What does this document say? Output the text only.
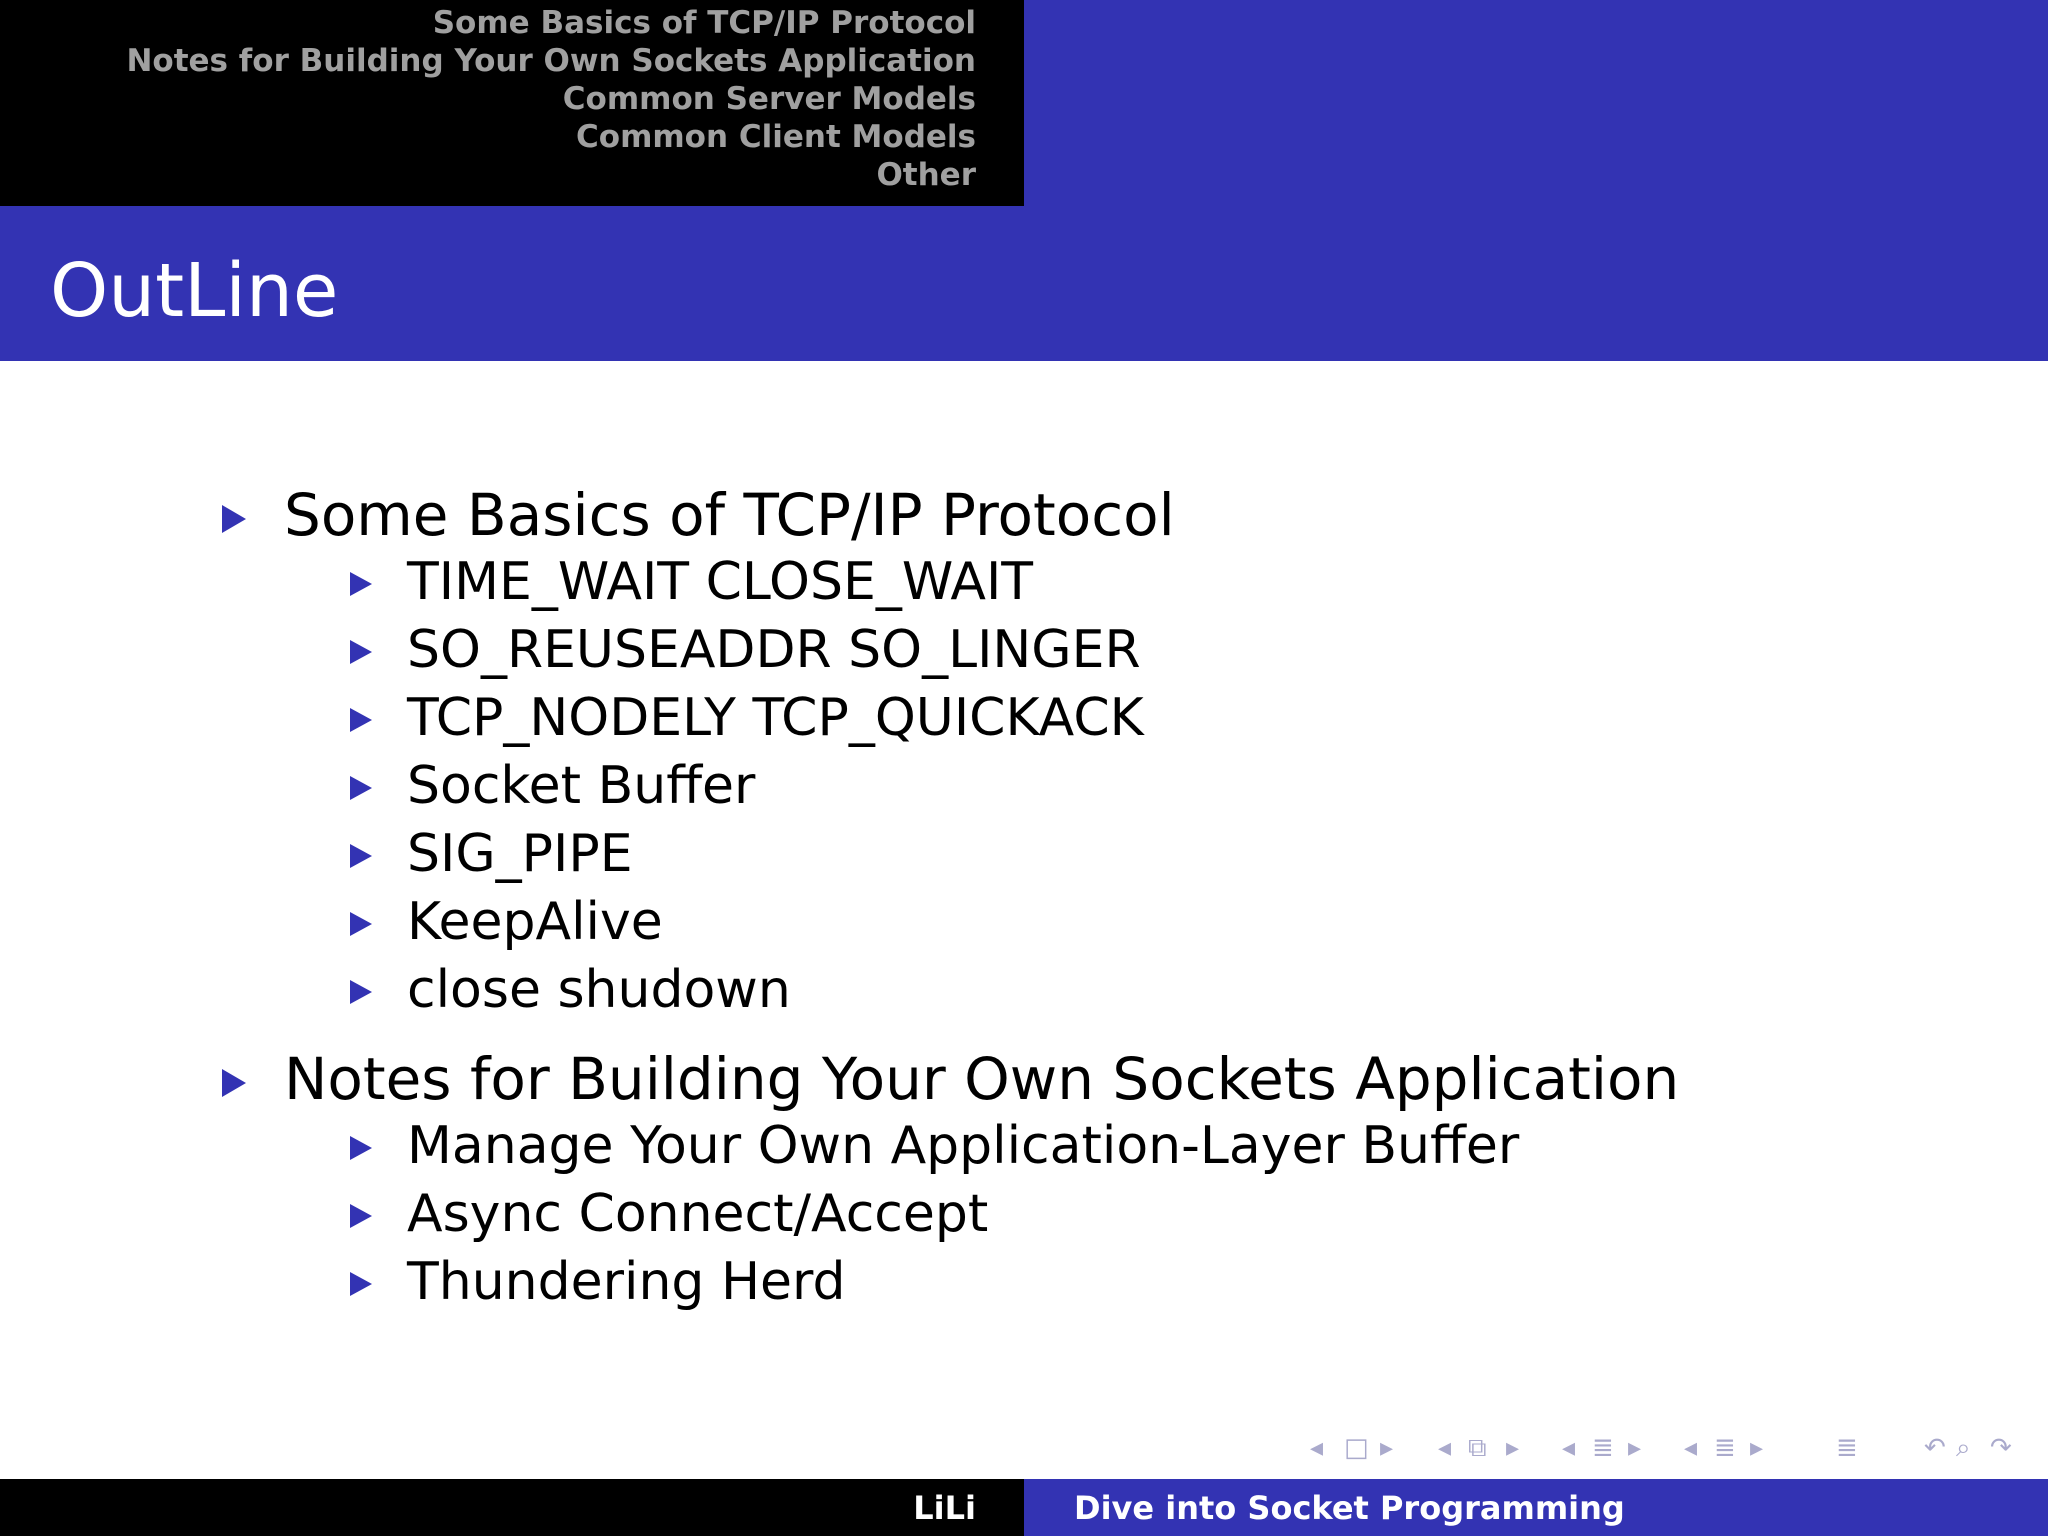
Some Basics of TCP/IP Protocol
Notes for Building Your Own Sockets Application
Common Server Models
Common Client Models
Other
OutLine
Some Basics of TCP/IP Protocol
TIME_WAIT CLOSE_WAIT
SO_REUSEADDR SO_LINGER
TCP_NODELY TCP_QUICKACK
Socket Buffer
SIG_PIPE
KeepAlive
close shudown
Notes for Building Your Own Sockets Application
Manage Your Own Application-Layer Buffer
Async Connect/Accept
Thundering Herd
◂ □ ▸ ◂ ⧉ ▸ ◂ ≣ ▸ ◂ ≣ ▸	≣	↶ ⌕ ↷
LiLi	Dive into Socket Programming
